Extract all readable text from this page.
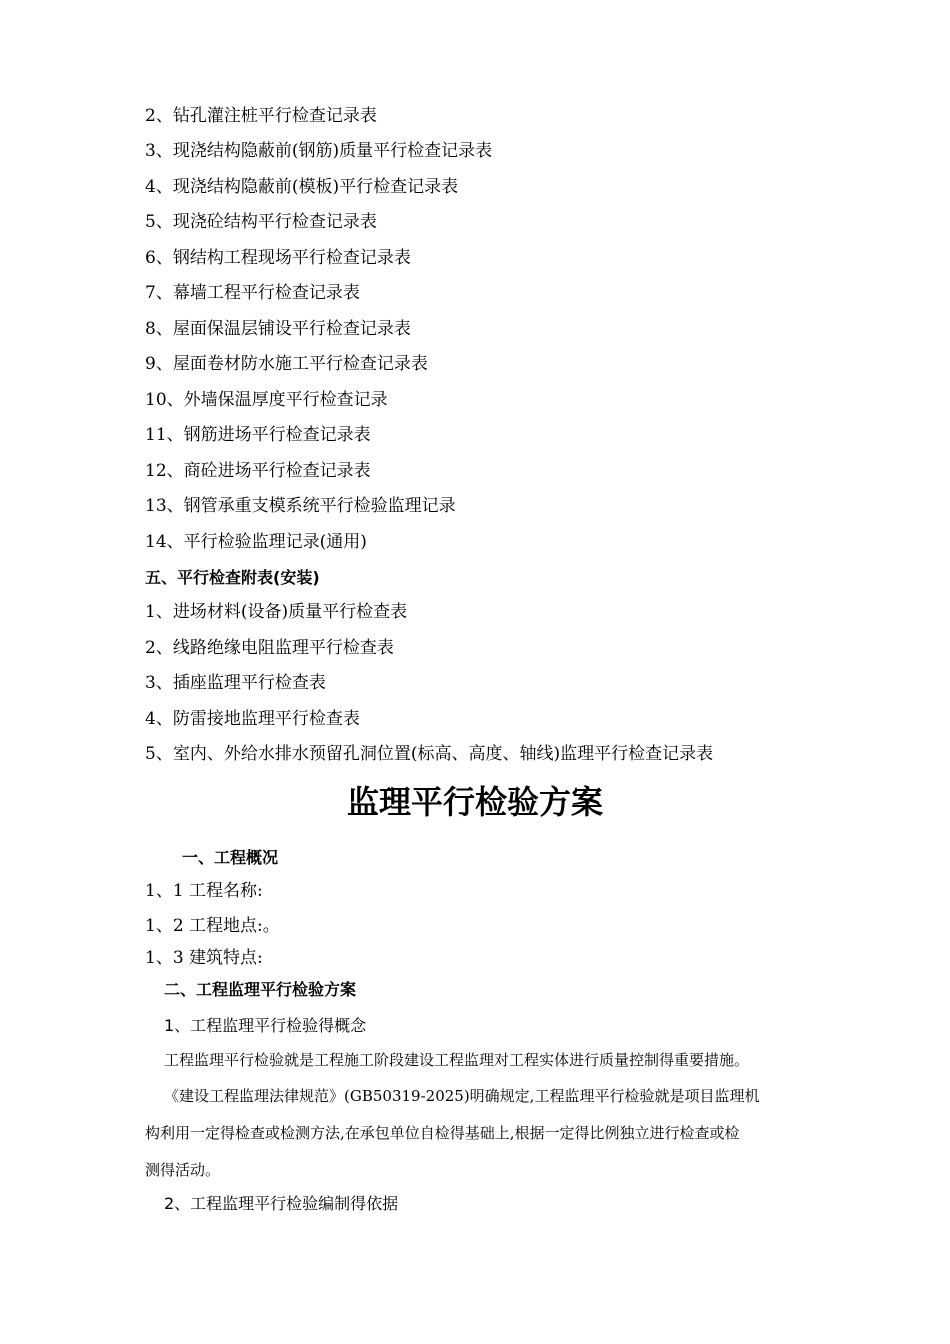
2、钻孔灌注桩平行检查记录表
3、现浇结构隐蔽前(钢筋)质量平行检查记录表
4、现浇结构隐蔽前(模板)平行检查记录表
5、现浇砼结构平行检查记录表
6、钢结构工程现场平行检查记录表
7、幕墙工程平行检查记录表
8、屋面保温层铺设平行检查记录表
9、屋面卷材防水施工平行检查记录表
10、外墙保温厚度平行检查记录
11、钢筋进场平行检查记录表
12、商砼进场平行检查记录表
13、钢管承重支模系统平行检验监理记录
14、平行检验监理记录(通用)
五、平行检查附表(安装)
1、进场材料(设备)质量平行检查表
2、线路绝缘电阻监理平行检查表
3、插座监理平行检查表
4、防雷接地监理平行检查表
5、室内、外给水排水预留孔洞位置(标高、高度、轴线)监理平行检查记录表
监理平行检验方案
一、工程概况
1、1 工程名称:
1、2 工程地点:。
1、3 建筑特点:
二、工程监理平行检验方案
1、工程监理平行检验得概念
工程监理平行检验就是工程施工阶段建设工程监理对工程实体进行质量控制得重要措施。
《建设工程监理法律规范》(GB50319-2025)明确规定,工程监理平行检验就是项目监理机
构利用一定得检查或检测方法,在承包单位自检得基础上,根据一定得比例独立进行检查或检
测得活动。
2、工程监理平行检验编制得依据
